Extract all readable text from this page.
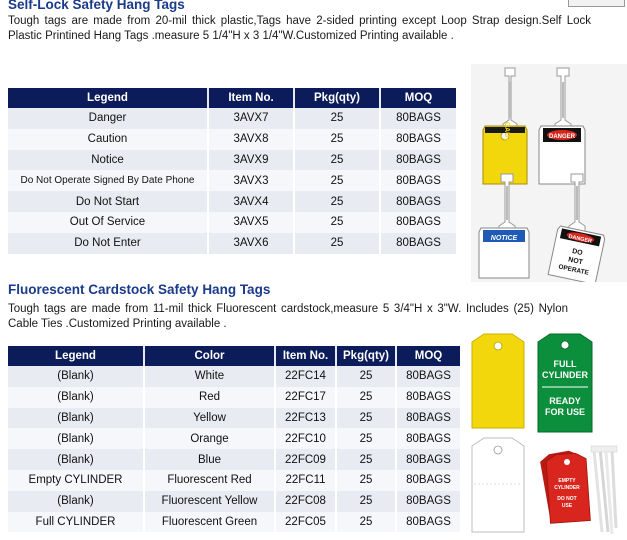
Self-Lock Safety Hang Tags
Tough tags are made from 20-mil thick plastic,Tags have 2-sided printing except Loop Strap design.Self Lock Plastic Printined Hang Tags .measure 5 1/4"H x 3 1/4"W.Customized Printing available .
Legend	Item No.	Pkg(qty)	MOQ
Danger	3AVX7	25	80BAGS
Caution	3AVX8	25	80BAGS
Notice	3AVX9	25	80BAGS
Do Not Operate Signed By Date Phone	3AVX3	25	80BAGS
Do Not Start	3AVX4	25	80BAGS
Out Of Service	3AVX5	25	80BAGS
Do Not Enter	3AVX6	25	80BAGS
CAUTION	DANGER
NOTICE	DANGER
DO
NOT
OPERATE
Fluorescent Cardstock Safety Hang Tags
Tough tags are made from 11-mil thick Fluorescent cardstock,measure 5 3/4"H x 3"W. Includes (25) Nylon Cable Ties .Customized Printing available .
Legend	Color	Item No.	Pkg(qty)	MOQ
(Blank)	White	22FC14	25	80BAGS
(Blank)	Red	22FC17	25	80BAGS
(Blank)	Yellow	22FC13	25	80BAGS
(Blank)	Orange	22FC10	25	80BAGS
(Blank)	Blue	22FC09	25	80BAGS
Empty CYLINDER	Fluorescent Red	22FC11	25	80BAGS
(Blank)	Fluorescent Yellow	22FC08	25	80BAGS
Full CYLINDER	Fluorescent Green	22FC05	25	80BAGS
FULL
CYLINDER
READY
FOR USE
EMPTY
CYLINDER
DO NOT
USE
